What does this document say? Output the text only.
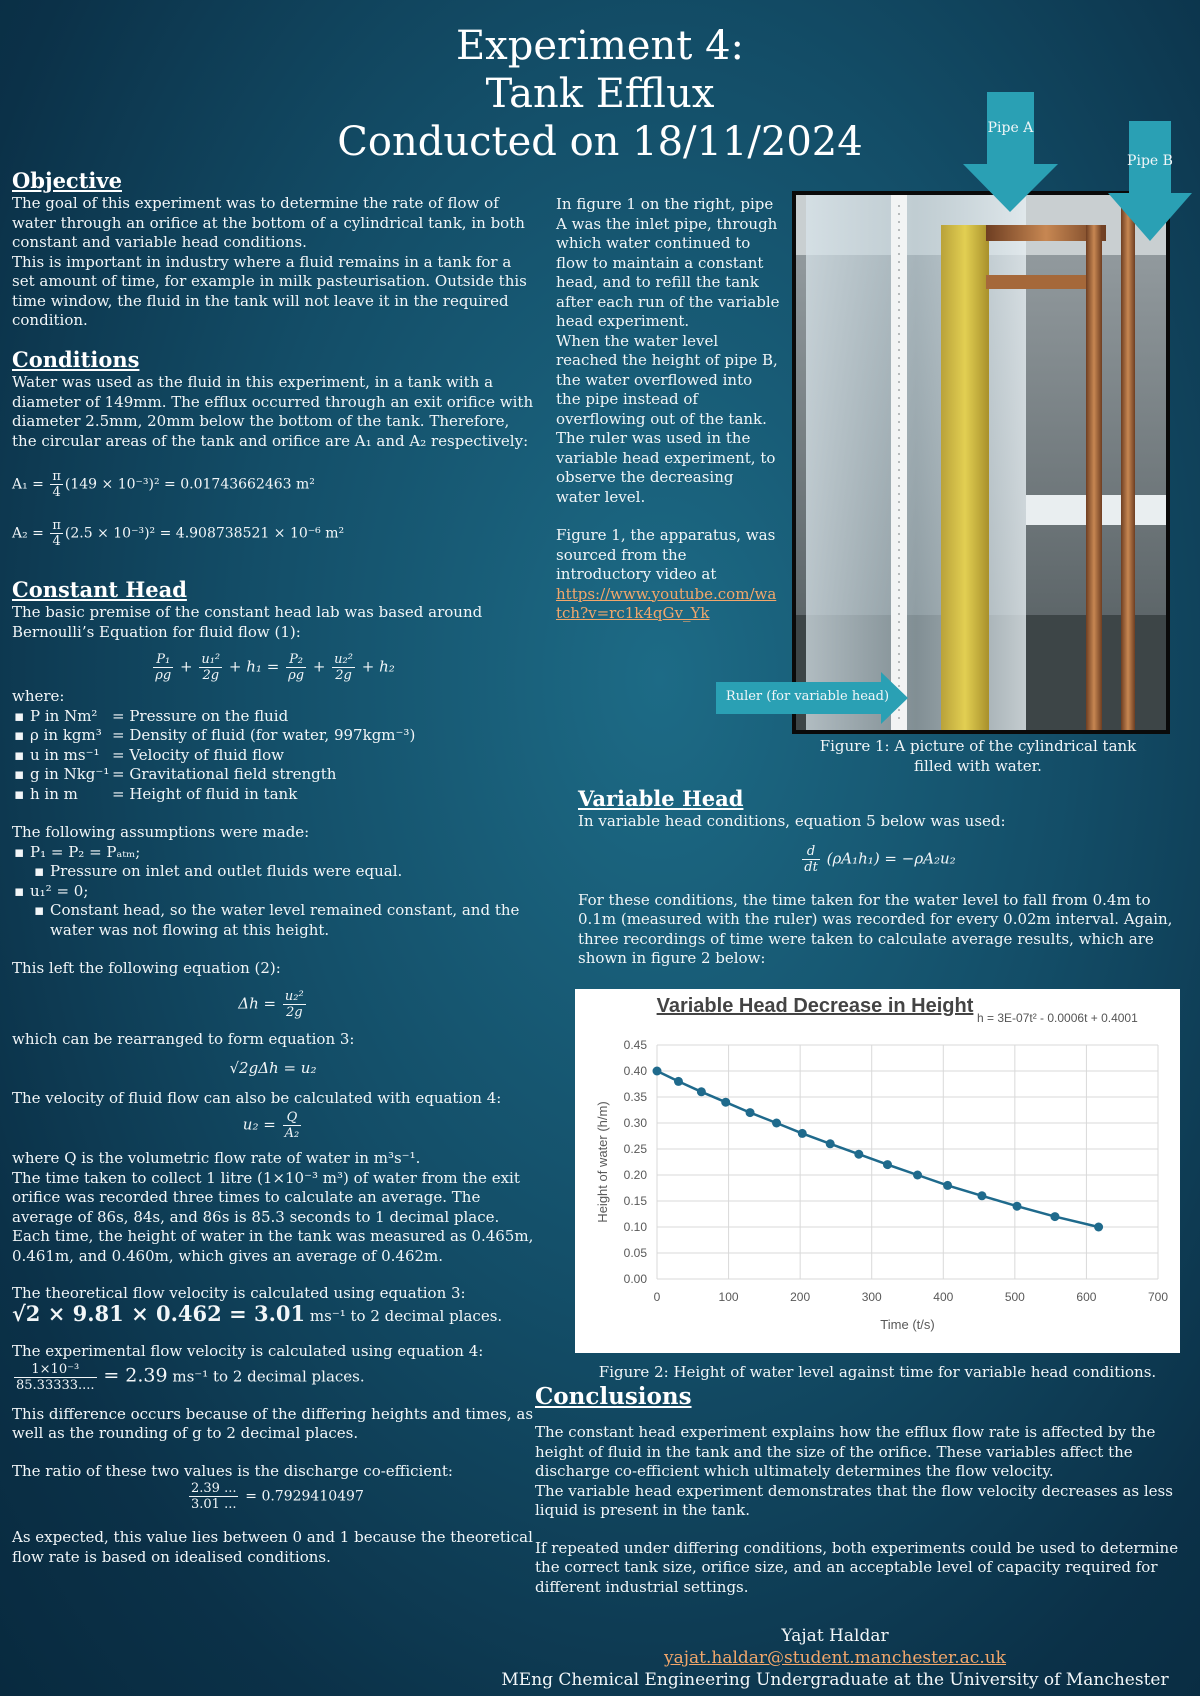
Experiment 4:
Tank Efflux
Conducted on 18/11/2024
Objective

The goal of this experiment was to determine the rate of flow of water through an orifice at the bottom of a cylindrical tank, in both constant and variable head conditions.

This is important in industry where a fluid remains in a tank for a set amount of time, for example in milk pasteurisation. Outside this time window, the fluid in the tank will not leave it in the required condition.

Conditions

Water was used as the fluid in this experiment, in a tank with a diameter of 149mm. The efflux occurred through an exit orifice with diameter 2.5mm, 20mm below the bottom of the tank. Therefore, the circular areas of the tank and orifice are A₁ and A₂ respectively:

$A_1 = \frac{\pi}{4} (149 \times 10^{-3})^2 = 0.01743662463$ m²
$A_2 = \frac{\pi}{4} (2.5 \times 10^{-3})^2 = 4.908738521 \times 10^{-6}$ m²
Constant Head

The basic premise of the constant head lab was based around Bernoulli’s Equation for fluid flow (1):

$\frac{\text{P₁}}{\rho g} + \frac{\text{u₁²}}{2g} + h_1 = \frac{\text{P₂}}{\rho g} + \frac{\text{u₂²}}{2g} + h_2$

where:

▪ P in Nm² = Pressure on the fluid
▪ ρ in kgm³ = Density of fluid (for water, 997kgm⁻³)
▪ u in ms⁻¹ = Velocity of fluid flow
▪ g in Nkg⁻¹ = Gravitational field strength
▪ h in m = Height of fluid in tank

The following assumptions were made:

▪ P₁ = P₂ = Pₐₜₘ;
▪ Pressure on inlet and outlet fluids were equal.
▪ u₁² = 0;
▪ Constant head, so the water level remained constant, and the water was not flowing at this height.

This left the following equation (2):

$\Delta h = \frac{\text{u₂²}}{2g}$

which can be rearranged to form equation 3:

√2gΔh = u₂

The velocity of fluid flow can also be calculated with equation 4:

$u_2 = \frac{Q}{\text{A₂}}$

where Q is the volumetric flow rate of water in m³s⁻¹.

The time taken to collect 1 litre (1×10⁻³ m³) of water from the exit orifice was recorded three times to calculate an average. The average of 86s, 84s, and 86s is 85.3 seconds to 1 decimal place. Each time, the height of water in the tank was measured as 0.465m, 0.461m, and 0.460m, which gives an average of 0.462m.

The theoretical flow velocity is calculated using equation 3:

√2 × 9.81 × 0.462 = 3.01 ms⁻¹ to 2 decimal places.

The experimental flow velocity is calculated using equation 4:

$\frac{\text{1×10⁻³}}{85.33333....} = 2.39$ ms⁻¹ to 2 decimal places.

This difference occurs because of the differing heights and times, as well as the rounding of g to 2 decimal places.

The ratio of these two values is the discharge co-efficient:

$\frac{2.39 ...}{3.01 ...} = 0.7929410497$

As expected, this value lies between 0 and 1 because the theoretical flow rate is based on idealised conditions.

In figure 1 on the right, pipe A was the inlet pipe, through which water continued to flow to maintain a constant head, and to refill the tank after each run of the variable head experiment.

When the water level reached the height of pipe B, the water overflowed into the pipe instead of overflowing out of the tank. The ruler was used in the variable head experiment, to observe the decreasing water level.

Figure 1, the apparatus, was sourced from the introductory video at

https://www.youtube.com/watch?v=rc1k4qGv_Yk
Pipe A
Pipe B
Ruler (for variable head)
Figure 1: A picture of the cylindrical tank filled with water.
Variable Head

In variable head conditions, equation 5 below was used:

$\frac{d}{dt} (\rho A_1h_1) = -\rho A_2u_2$

For these conditions, the time taken for the water level to fall from 0.4m to 0.1m (measured with the ruler) was recorded for every 0.02m interval. Again, three recordings of time were taken to calculate average results, which are shown in figure 2 below:

Variable Head Decrease in Height
h = 3E-07t² - 0.0006t + 0.4001
0.00
0.05
0.10
0.15
0.20
0.25
0.30
0.35
0.40
0.45
0	100	200	300	400	500	600	700
Time (t/s)
Height of water (h/m)
Figure 2: Height of water level against time for variable head conditions.
Conclusions

The constant head experiment explains how the efflux flow rate is affected by the height of fluid in the tank and the size of the orifice. These variables affect the discharge co-efficient which ultimately determines the flow velocity.

The variable head experiment demonstrates that the flow velocity decreases as less liquid is present in the tank.

If repeated under differing conditions, both experiments could be used to determine the correct tank size, orifice size, and an acceptable level of capacity required for different industrial settings.

Yajat Haldar
yajat.haldar@student.manchester.ac.uk
MEng Chemical Engineering Undergraduate at the University of Manchester
